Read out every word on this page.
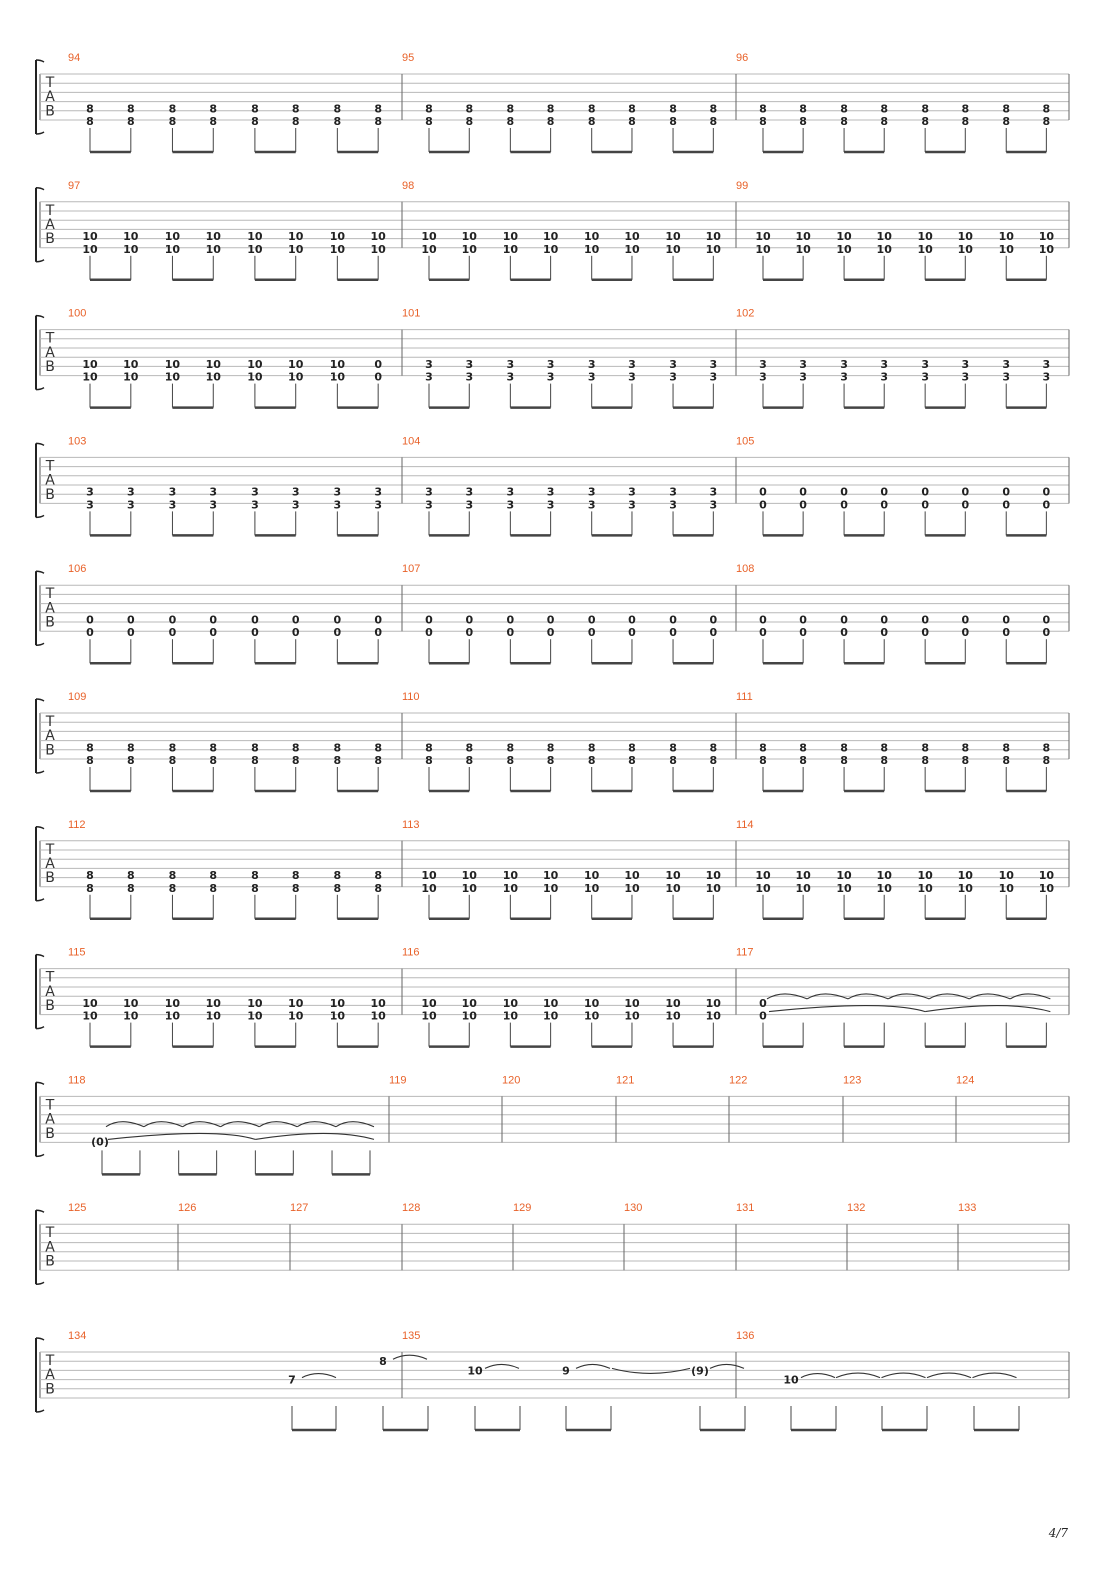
T
A
B
94
8
8
8
8
8
8
8
8
8
8
8
8
8
8
8
8
95
8
8
8
8
8
8
8
8
8
8
8
8
8
8
8
8
96
8
8
8
8
8
8
8
8
8
8
8
8
8
8
8
8
T
A
B
97
10
10
10
10
10
10
10
10
10
10
10
10
10
10
10
10
98
10
10
10
10
10
10
10
10
10
10
10
10
10
10
10
10
99
10
10
10
10
10
10
10
10
10
10
10
10
10
10
10
10
T
A
B
100
10
10
10
10
10
10
10
10
10
10
10
10
10
10
0
0
101
3
3
3
3
3
3
3
3
3
3
3
3
3
3
3
3
102
3
3
3
3
3
3
3
3
3
3
3
3
3
3
3
3
T
A
B
103
3
3
3
3
3
3
3
3
3
3
3
3
3
3
3
3
104
3
3
3
3
3
3
3
3
3
3
3
3
3
3
3
3
105
0
0
0
0
0
0
0
0
0
0
0
0
0
0
0
0
T
A
B
106
0
0
0
0
0
0
0
0
0
0
0
0
0
0
0
0
107
0
0
0
0
0
0
0
0
0
0
0
0
0
0
0
0
108
0
0
0
0
0
0
0
0
0
0
0
0
0
0
0
0
T
A
B
109
8
8
8
8
8
8
8
8
8
8
8
8
8
8
8
8
110
8
8
8
8
8
8
8
8
8
8
8
8
8
8
8
8
111
8
8
8
8
8
8
8
8
8
8
8
8
8
8
8
8
T
A
B
112
8
8
8
8
8
8
8
8
8
8
8
8
8
8
8
8
113
10
10
10
10
10
10
10
10
10
10
10
10
10
10
10
10
114
10
10
10
10
10
10
10
10
10
10
10
10
10
10
10
10
T
A
B
115
10
10
10
10
10
10
10
10
10
10
10
10
10
10
10
10
116
10
10
10
10
10
10
10
10
10
10
10
10
10
10
10
10
117
0
0
T
A
B
118
(0)
119	120	121	122	123	124
T
A
B
125	126	127	128	129	130	131	132	133
T
A
B
134	135
7
8
10	9
136
(9)
10
4/7
